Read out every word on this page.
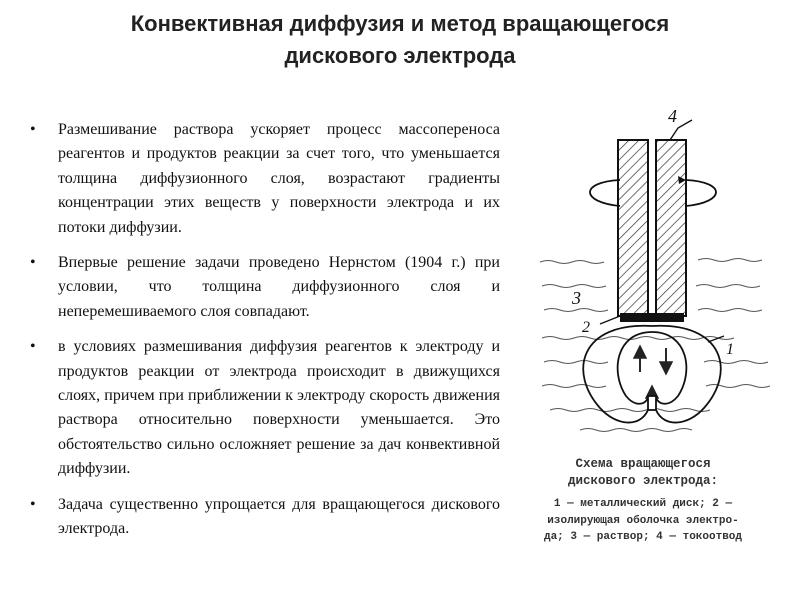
Конвективная диффузия и метод вращающегося
дискового электрода
• Размешивание раствора ускоряет процесс массопереноса реагентов и продуктов реакции за счет того, что уменьшается толщина диффузионного слоя, возрастают градиенты концентрации этих веществ у поверхности электрода и их потоки диффузии.
• Впервые решение задачи проведено Нернстом (1904 г.) при условии, что толщина диффузионного слоя и неперемешиваемого слоя совпадают.
• в условиях размешивания диффузия реагентов к электроду и продуктов реакции от электрода происходит в движущихся слоях, причем при приближении к электроду скорость движения раствора относительно поверхности уменьшается. Это обстоятельство сильно осложняет решение за дач конвективной диффузии.
• Задача существенно упрощается для вращающегося дискового электрода.
4
3
2
1
Схема вращающегося
дискового электрода:
1 — металлический диск; 2 —
изолирующая оболочка электро-
да; 3 — раствор; 4 — токоотвод
